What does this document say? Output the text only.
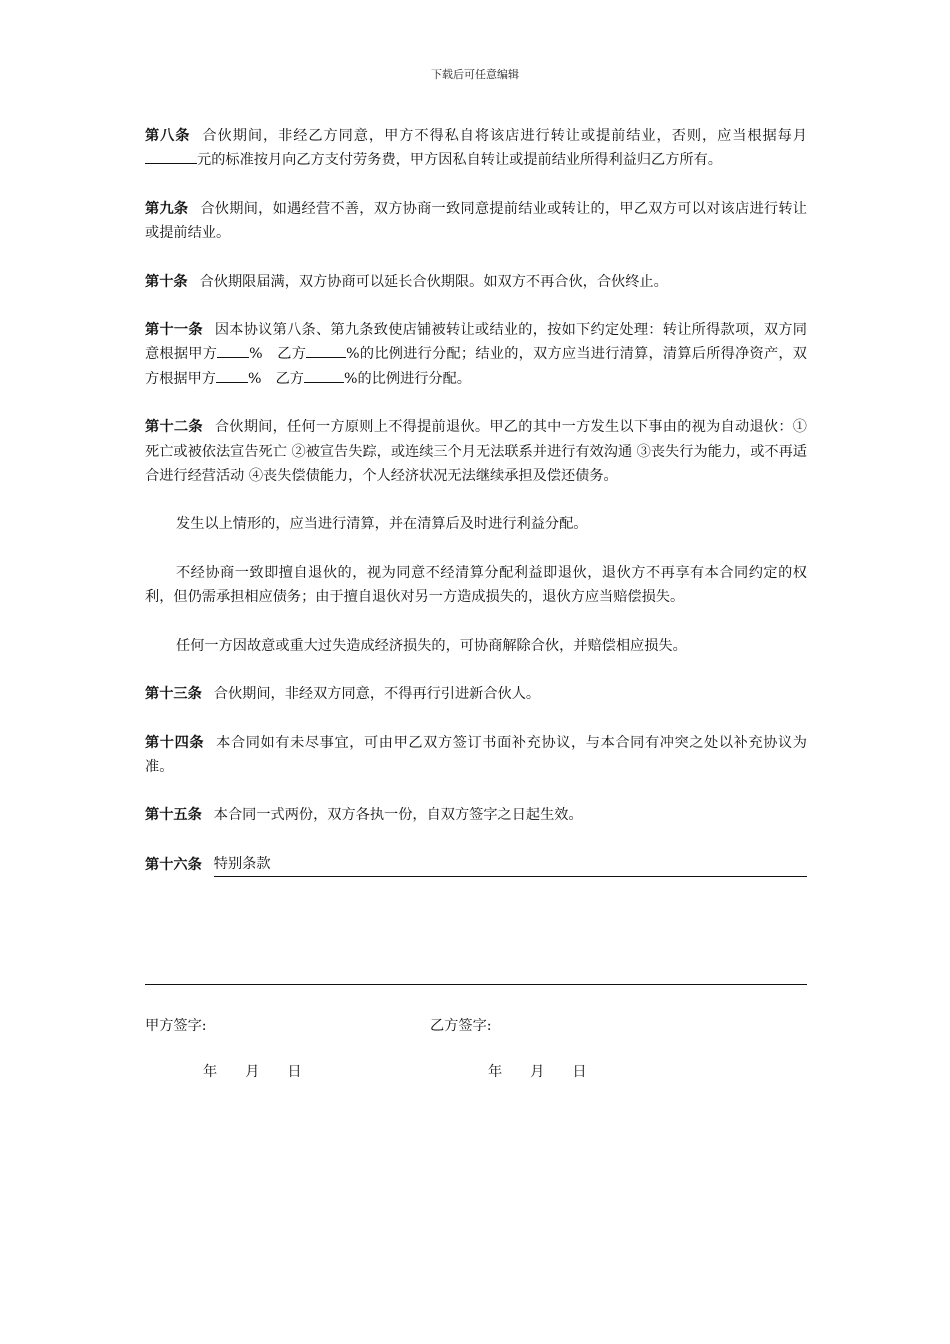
下载后可任意编辑

第八条 合伙期间，非经乙方同意，甲方不得私自将该店进行转让或提前结业，否则，应当根据每月元的标准按月向乙方支付劳务费，甲方因私自转让或提前结业所得利益归乙方所有。

第九条 合伙期间，如遇经营不善，双方协商一致同意提前结业或转让的，甲乙双方可以对该店进行转让或提前结业。

第十条 合伙期限届满，双方协商可以延长合伙期限。如双方不再合伙，合伙终止。

第十一条 因本协议第八条、第九条致使店铺被转让或结业的，按如下约定处理：转让所得款项，双方同意根据甲方 %　乙方	%的比例进行分配；结业的，双方应当进行清算，清算后所得净资产，双方根据甲方 %　乙方	%的比例进行分配。

第十二条 合伙期间，任何一方原则上不得提前退伙。甲乙的其中一方发生以下事由的视为自动退伙：①死亡或被依法宣告死亡 ②被宣告失踪，或连续三个月无法联系并进行有效沟通 ③丧失行为能力，或不再适合进行经营活动 ④丧失偿债能力，个人经济状况无法继续承担及偿还债务。

发生以上情形的，应当进行清算，并在清算后及时进行利益分配。

不经协商一致即擅自退伙的，视为同意不经清算分配利益即退伙，退伙方不再享有本合同约定的权利，但仍需承担相应债务；由于擅自退伙对另一方造成损失的，退伙方应当赔偿损失。

任何一方因故意或重大过失造成经济损失的，可协商解除合伙，并赔偿相应损失。

第十三条 合伙期间，非经双方同意，不得再行引进新合伙人。

第十四条 本合同如有未尽事宜，可由甲乙双方签订书面补充协议，与本合同有冲突之处以补充协议为准。

第十五条 本合同一式两份，双方各执一份，自双方签字之日起生效。

第十六条 特别条款
甲方签字:	乙方签字:
年 月 日	年 月 日
